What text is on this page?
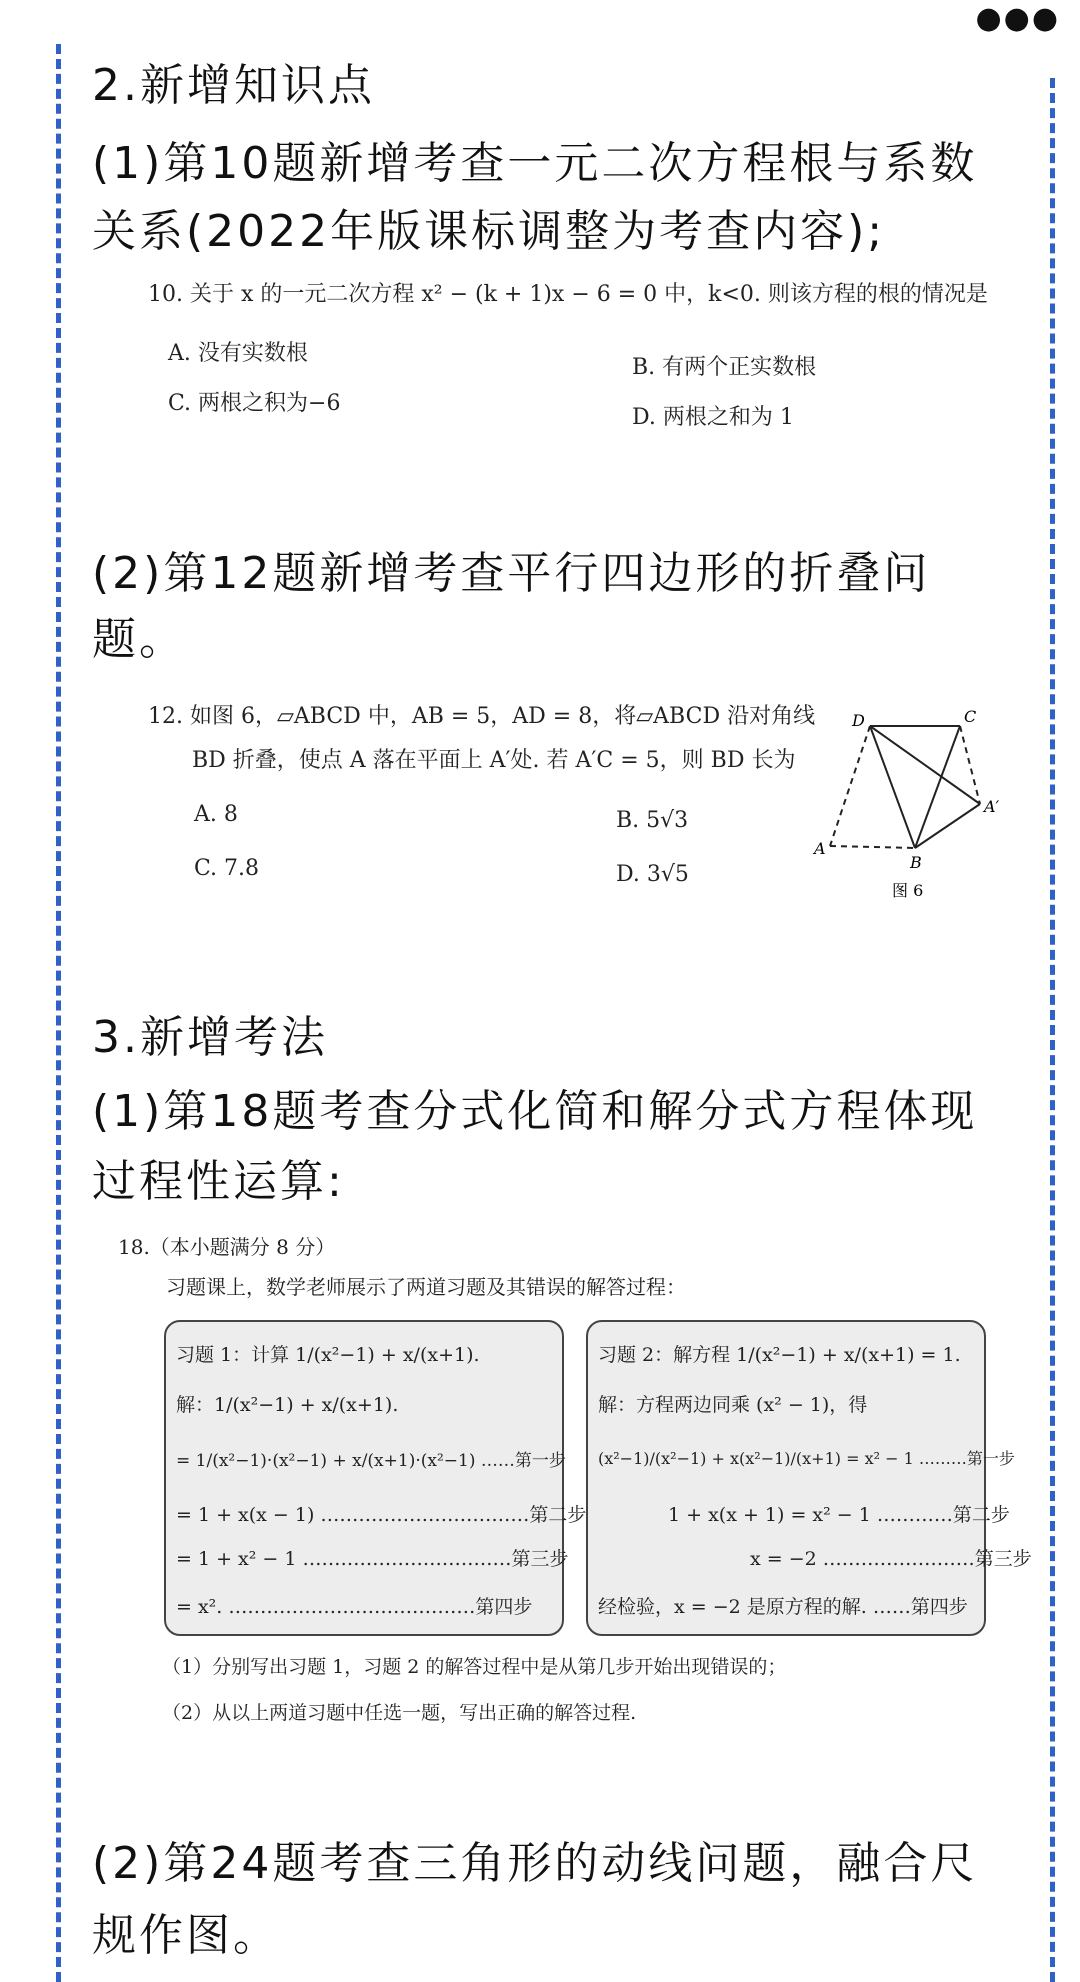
●●●
2.新增知识点
(1)第10题新增考查一元二次方程根与系数
关系(2022年版课标调整为考查内容);
10. 关于 x 的一元二次方程 x² − (k + 1)x − 6 = 0 中，k<0. 则该方程的根的情况是
A. 没有实数根
B. 有两个正实数根
C. 两根之积为−6
D. 两根之和为 1
(2)第12题新增考查平行四边形的折叠问
题。
12. 如图 6，▱ABCD 中，AB = 5，AD = 8，将▱ABCD 沿对角线
BD 折叠，使点 A 落在平面上 A′处. 若 A′C = 5，则 BD 长为
A. 8	B. 5√3
C. 7.8	D. 3√5
D	C
A
B
A′
图 6
3.新增考法
(1)第18题考查分式化简和解分式方程体现
过程性运算:
18.（本小题满分 8 分）
习题课上，数学老师展示了两道习题及其错误的解答过程：
习题 1：计算 1/(x²−1) + x/(x+1).
解：1/(x²−1) + x/(x+1).
= 1/(x²−1)·(x²−1) + x/(x+1)·(x²−1) ……第一步
= 1 + x(x − 1) ……………………………第二步
= 1 + x² − 1 ……………………………第三步
= x². …………………………………第四步
习题 2：解方程 1/(x²−1) + x/(x+1) = 1.
解：方程两边同乘 (x² − 1)，得
(x²−1)/(x²−1) + x(x²−1)/(x+1) = x² − 1 ………第一步
1 + x(x + 1) = x² − 1 …………第二步
x = −2 ……………………第三步
经检验，x = −2 是原方程的解. ……第四步
（1）分别写出习题 1，习题 2 的解答过程中是从第几步开始出现错误的；
（2）从以上两道习题中任选一题，写出正确的解答过程.
(2)第24题考查三角形的动线问题，融合尺
规作图。
